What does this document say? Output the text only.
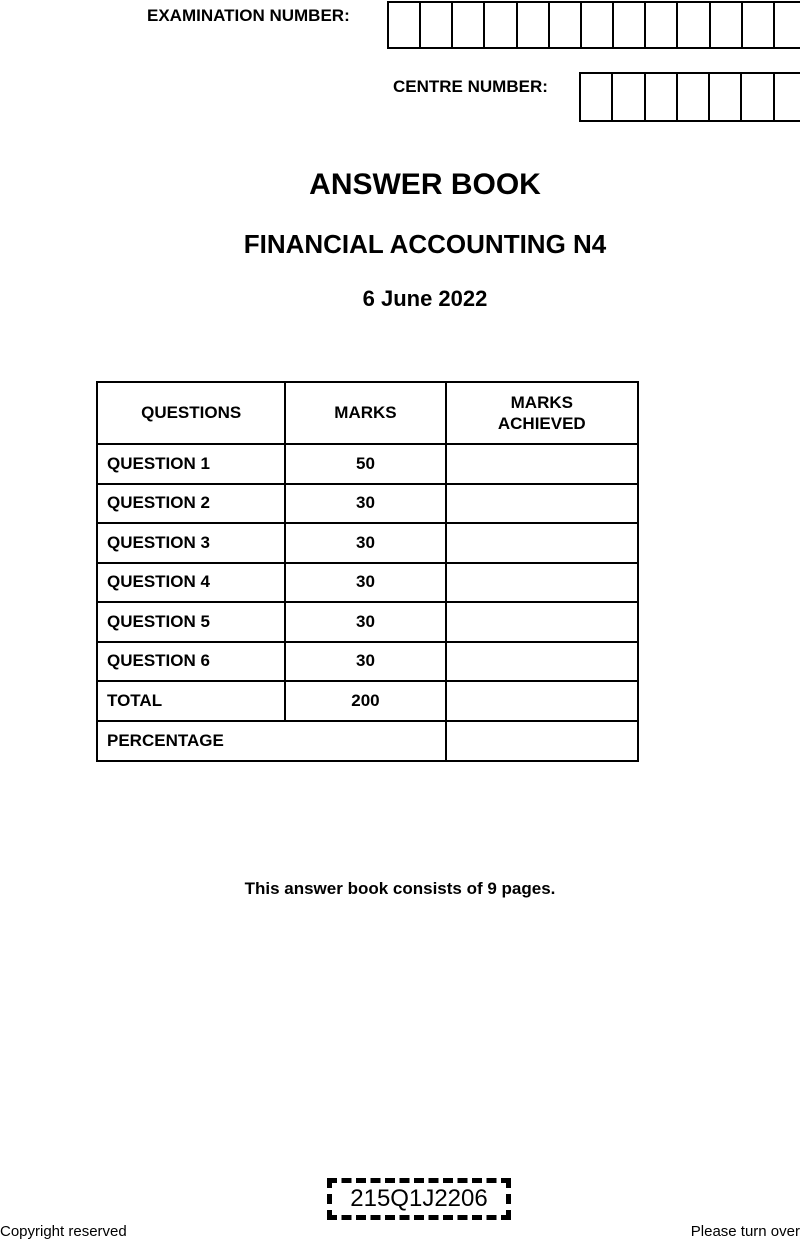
EXAMINATION NUMBER:
CENTRE NUMBER:
ANSWER BOOK
FINANCIAL ACCOUNTING N4
6 June 2022
QUESTIONS	MARKS	MARKS ACHIEVED

QUESTION 1	50	
QUESTION 2	30	
QUESTION 3	30	
QUESTION 4	30	
QUESTION 5	30	
QUESTION 6	30	
TOTAL	200	
PERCENTAGE		
This answer book consists of 9 pages.
215Q1J2206
Copyright reserved	Please turn over
